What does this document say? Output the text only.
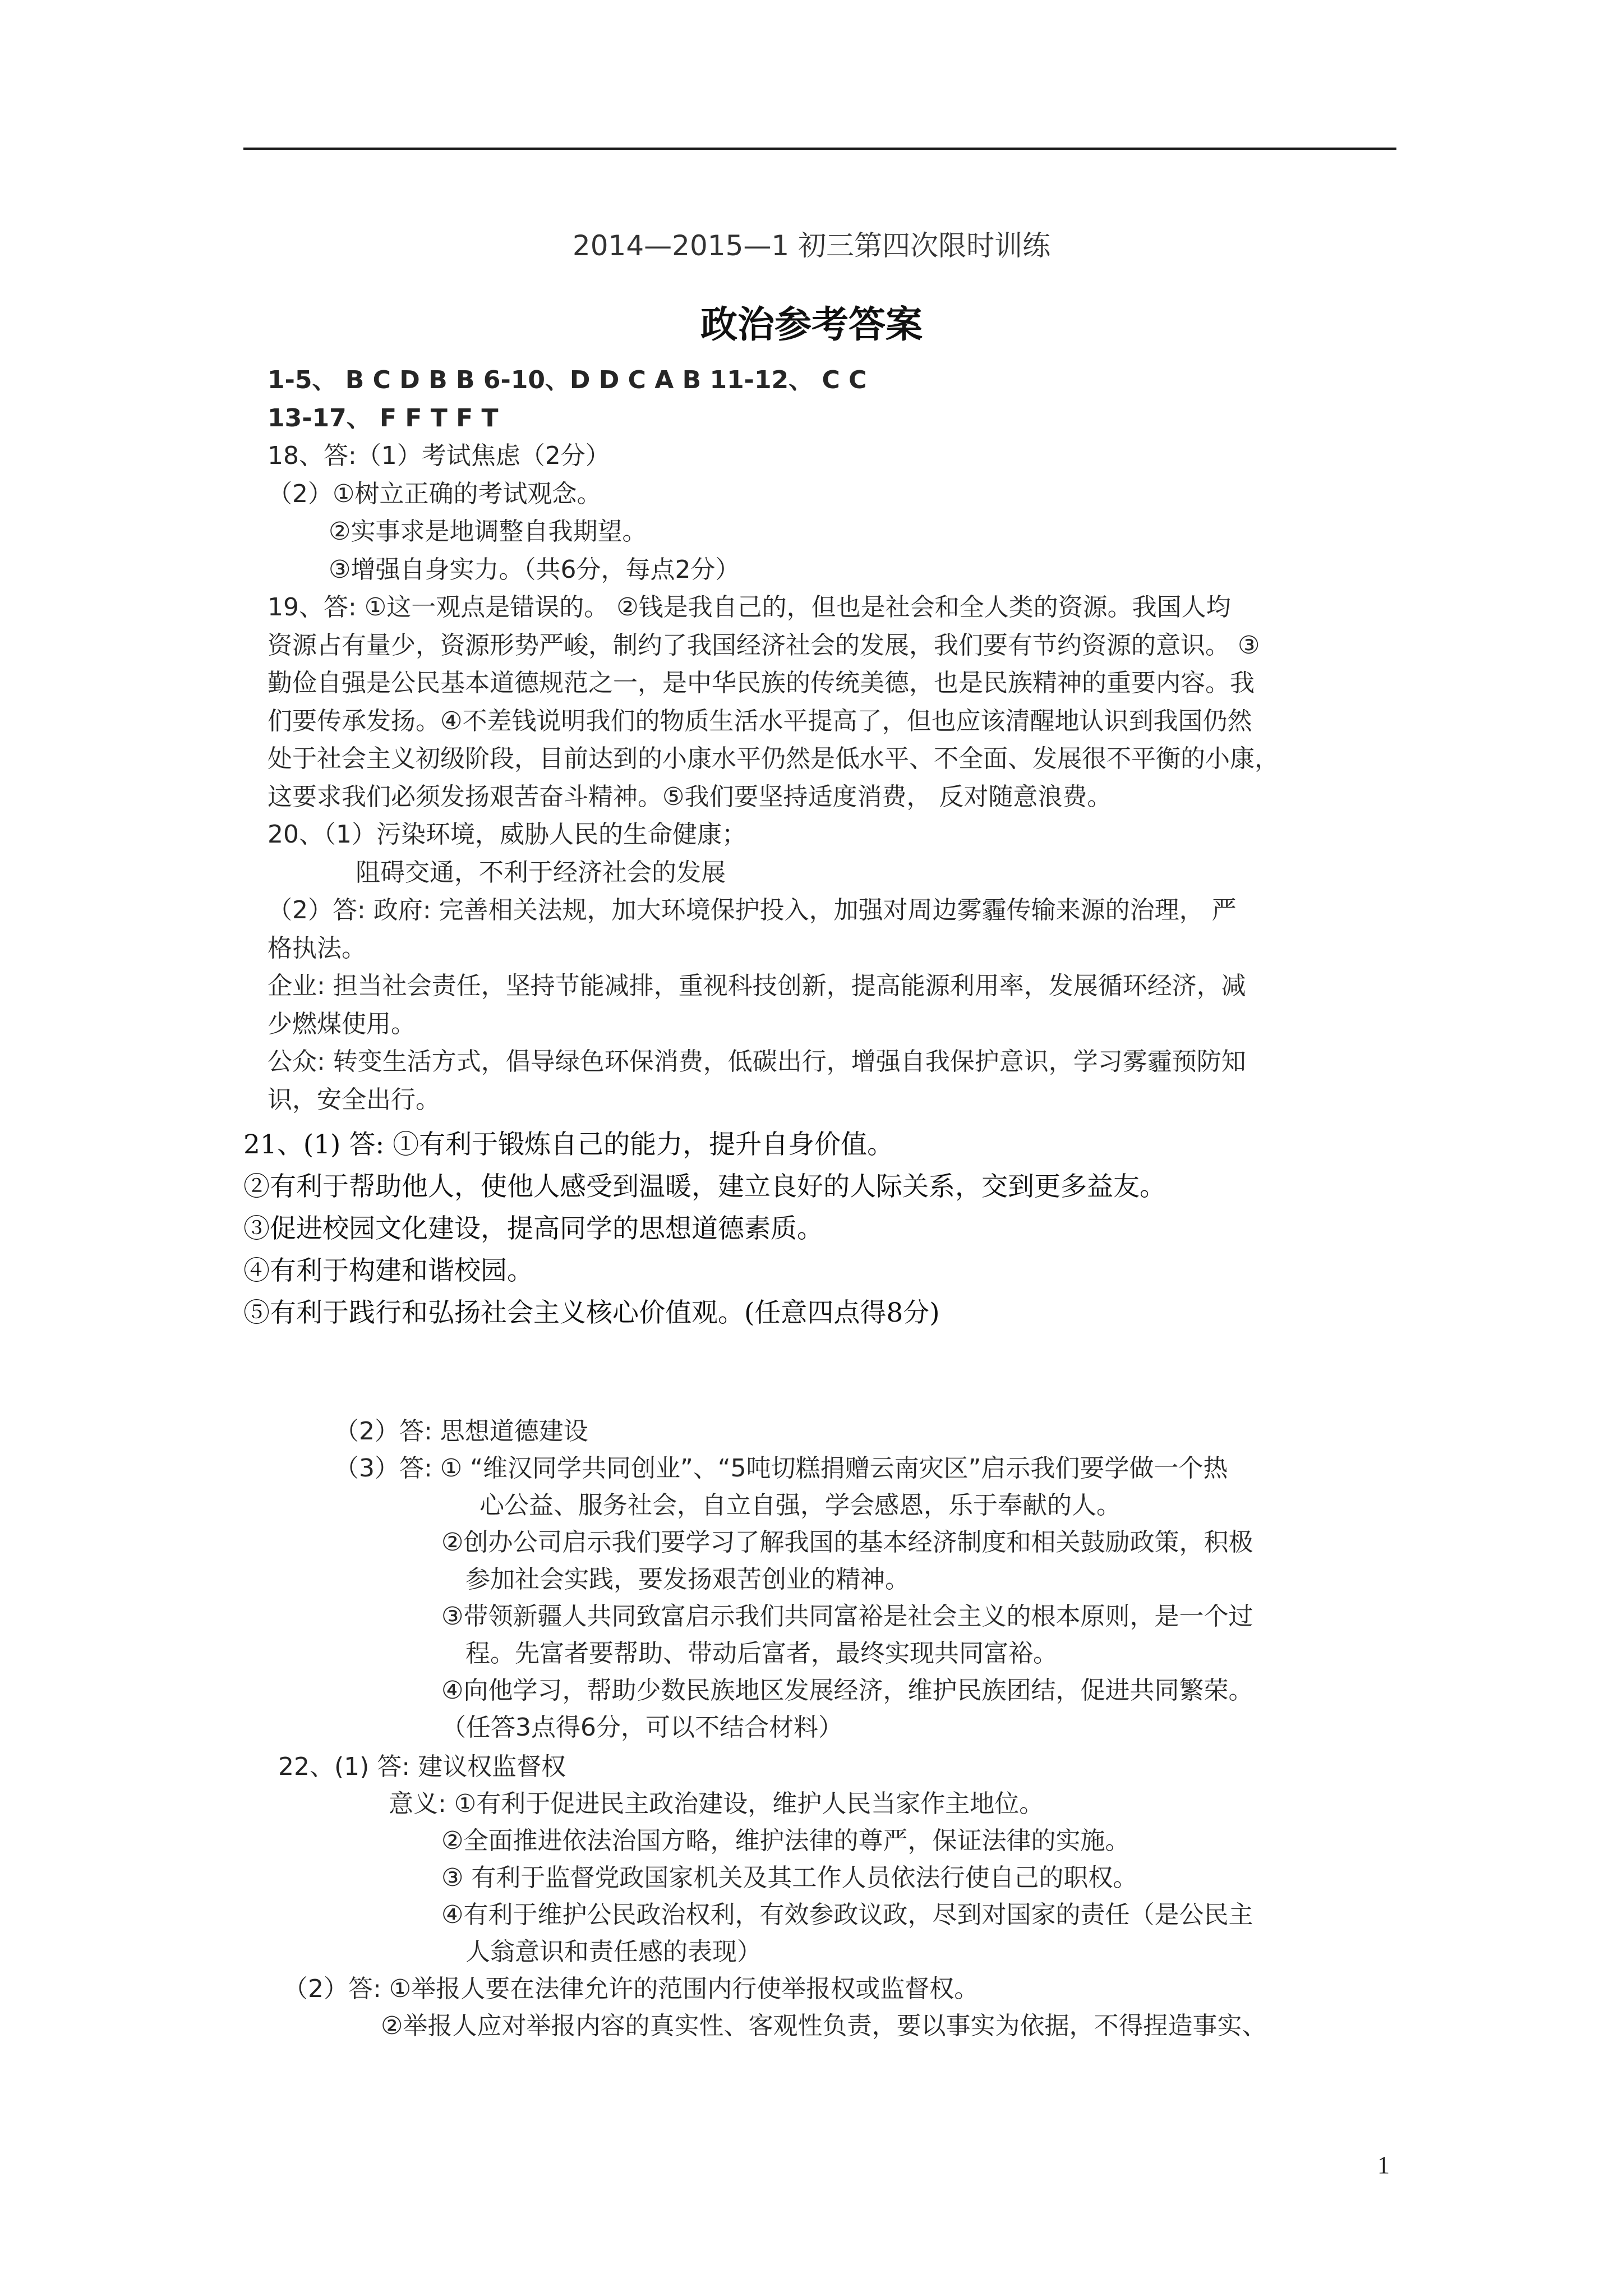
2014—2015—1 初三第四次限时训练
政治参考答案
1-5、 B C D B B 6-10、D D C A B 11-12、 C C
13-17、 F F T F T
18、答:（1）考试焦虑（2分）
（2）①树立正确的考试观念。
②实事求是地调整自我期望。
③增强自身实力。（共6分，每点2分）
19、答: ①这一观点是错误的。 ②钱是我自己的，但也是社会和全人类的资源。我国人均
资源占有量少，资源形势严峻，制约了我国经济社会的发展，我们要有节约资源的意识。 ③
勤俭自强是公民基本道德规范之一，是中华民族的传统美德，也是民族精神的重要内容。我
们要传承发扬。④不差钱说明我们的物质生活水平提高了，但也应该清醒地认识到我国仍然
处于社会主义初级阶段，目前达到的小康水平仍然是低水平、不全面、发展很不平衡的小康，
这要求我们必须发扬艰苦奋斗精神。⑤我们要坚持适度消费， 反对随意浪费。
20、（1）污染环境，威胁人民的生命健康；
阻碍交通，不利于经济社会的发展
（2）答: 政府: 完善相关法规，加大环境保护投入，加强对周边雾霾传输来源的治理， 严
格执法。
企业: 担当社会责任，坚持节能减排，重视科技创新，提高能源利用率，发展循环经济，减
少燃煤使用。
公众: 转变生活方式，倡导绿色环保消费，低碳出行，增强自我保护意识，学习雾霾预防知
识，安全出行。
21、(1) 答: ①有利于锻炼自己的能力，提升自身价值。
②有利于帮助他人，使他人感受到温暖，建立良好的人际关系，交到更多益友。
③促进校园文化建设，提高同学的思想道德素质。
④有利于构建和谐校园。
⑤有利于践行和弘扬社会主义核心价值观。(任意四点得8分)
（2）答: 思想道德建设
（3）答: ① “维汉同学共同创业”、“5吨切糕捐赠云南灾区”启示我们要学做一个热
心公益、服务社会，自立自强，学会感恩，乐于奉献的人。
②创办公司启示我们要学习了解我国的基本经济制度和相关鼓励政策，积极
参加社会实践，要发扬艰苦创业的精神。
③带领新疆人共同致富启示我们共同富裕是社会主义的根本原则，是一个过
程。先富者要帮助、带动后富者，最终实现共同富裕。
④向他学习，帮助少数民族地区发展经济，维护民族团结，促进共同繁荣。
（任答3点得6分，可以不结合材料）
22、(1) 答: 建议权监督权
意义: ①有利于促进民主政治建设，维护人民当家作主地位。
②全面推进依法治国方略，维护法律的尊严，保证法律的实施。
③ 有利于监督党政国家机关及其工作人员依法行使自己的职权。
④有利于维护公民政治权利，有效参政议政，尽到对国家的责任（是公民主
人翁意识和责任感的表现）
（2）答: ①举报人要在法律允许的范围内行使举报权或监督权。
②举报人应对举报内容的真实性、客观性负责，要以事实为依据，不得捏造事实、
1
